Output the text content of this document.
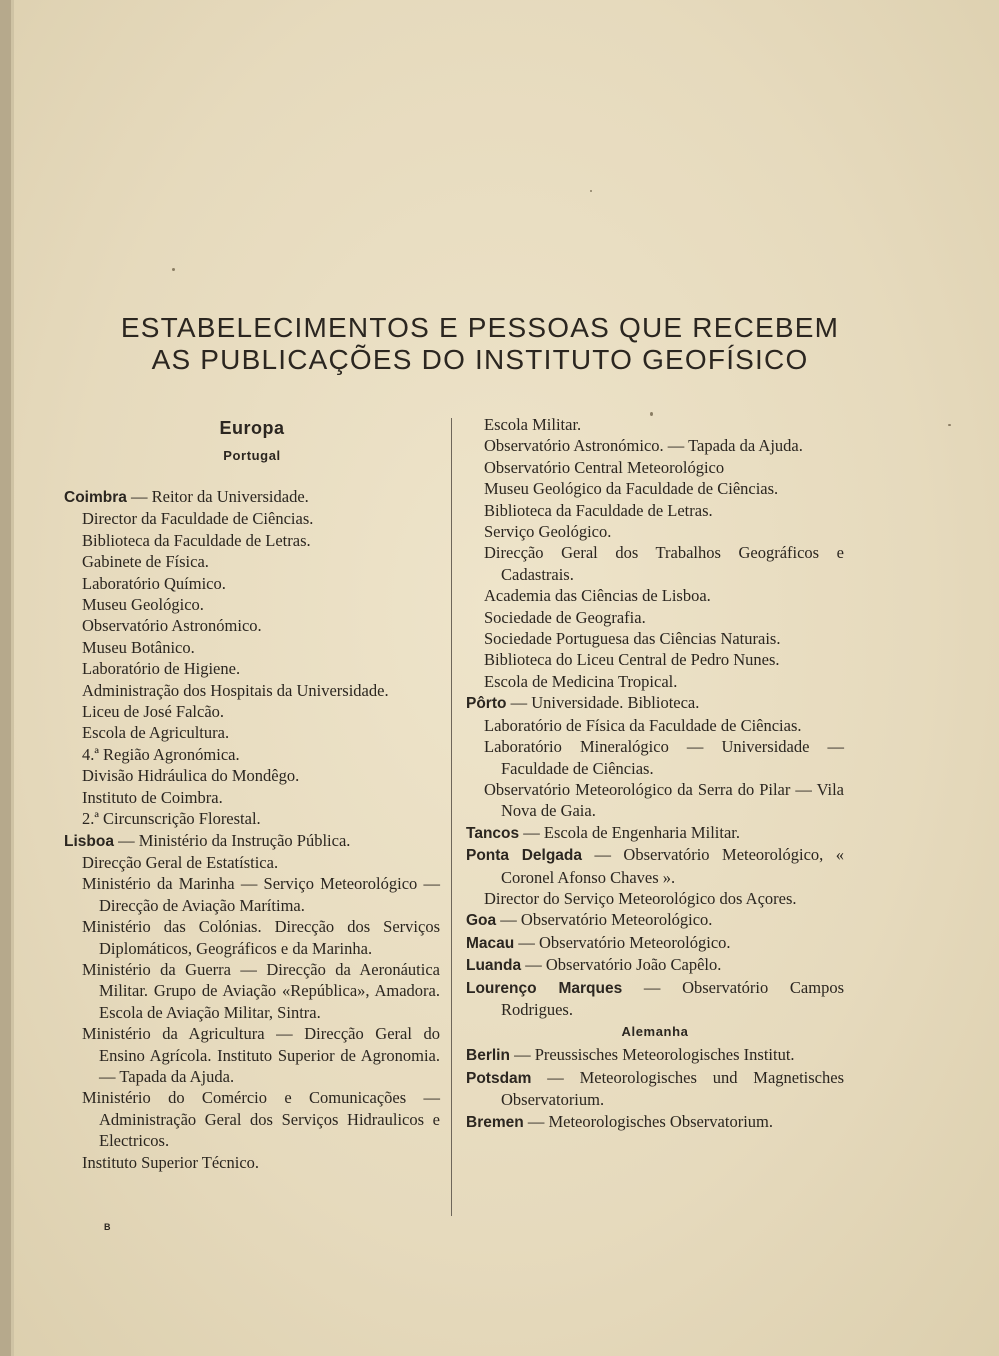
ESTABELECIMENTOS E PESSOAS QUE RECEBEM
AS PUBLICAÇÕES DO INSTITUTO GEOFÍSICO
Europa
Portugal
Coimbra — Reitor da Universidade.
Director da Faculdade de Ciências.
Biblioteca da Faculdade de Letras.
Gabinete de Física.
Laboratório Químico.
Museu Geológico.
Observatório Astronómico.
Museu Botânico.
Laboratório de Higiene.
Administração dos Hospitais da Universidade.
Liceu de José Falcão.
Escola de Agricultura.
4.ª Região Agronómica.
Divisão Hidráulica do Mondêgo.
Instituto de Coimbra.
2.ª Circunscrição Florestal.
Lisboa — Ministério da Instrução Pública.
Direcção Geral de Estatística.
Ministério da Marinha — Serviço Meteorológico — Direcção de Aviação Marítima.
Ministério das Colónias. Direcção dos Serviços Diplomáticos, Geográficos e da Marinha.
Ministério da Guerra — Direcção da Aeronáutica Militar. Grupo de Aviação «República», Amadora. Escola de Aviação Militar, Sintra.
Ministério da Agricultura — Direcção Geral do Ensino Agrícola. Instituto Superior de Agronomia. — Tapada da Ajuda.
Ministério do Comércio e Comunicações — Administração Geral dos Serviços Hidraulicos e Electricos.
Instituto Superior Técnico.
Escola Militar.
Observatório Astronómico. — Tapada da Ajuda.
Observatório Central Meteorológico
Museu Geológico da Faculdade de Ciências.
Biblioteca da Faculdade de Letras.
Serviço Geológico.
Direcção Geral dos Trabalhos Geográficos e Cadastrais.
Academia das Ciências de Lisboa.
Sociedade de Geografia.
Sociedade Portuguesa das Ciências Naturais.
Biblioteca do Liceu Central de Pedro Nunes.
Escola de Medicina Tropical.
Pôrto — Universidade. Biblioteca.
Laboratório de Física da Faculdade de Ciências.
Laboratório Mineralógico — Universidade — Faculdade de Ciências.
Observatório Meteorológico da Serra do Pilar — Vila Nova de Gaia.
Tancos — Escola de Engenharia Militar.
Ponta Delgada — Observatório Meteorológico, « Coronel Afonso Chaves ».
Director do Serviço Meteorológico dos Açores.
Goa — Observatório Meteorológico.
Macau — Observatório Meteorológico.
Luanda — Observatório João Capêlo.
Lourenço Marques — Observatório Campos Rodrigues.
Alemanha
Berlin — Preussisches Meteorologisches Institut.
Potsdam — Meteorologisches und Magnetisches Observatorium.
Bremen — Meteorologisches Observatorium.
B
